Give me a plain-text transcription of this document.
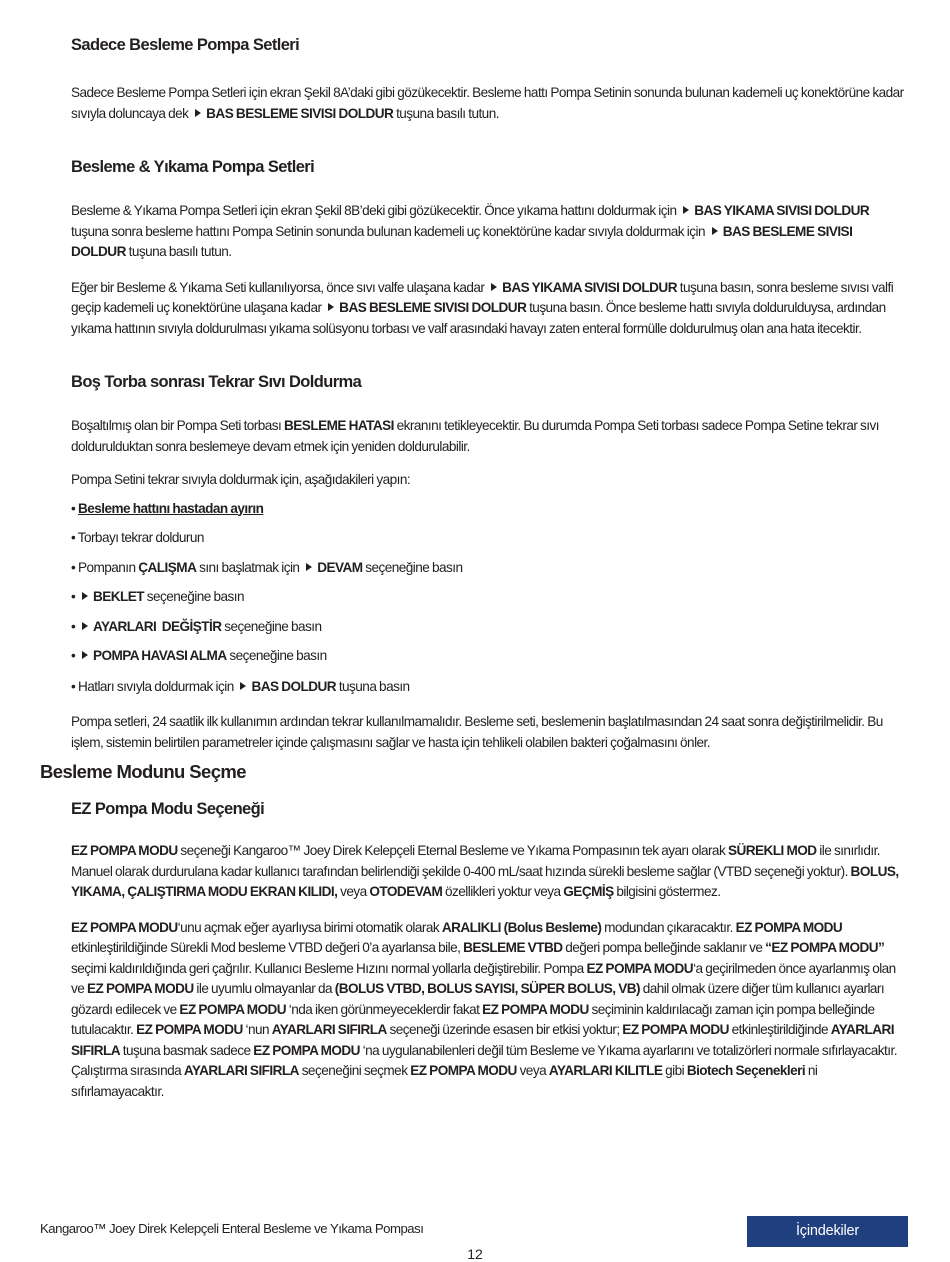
Sadece Besleme Pompa Setleri

Sadece Besleme Pompa Setleri için ekran Şekil 8A’daki gibi gözükecektir. Besleme hattı Pompa Setinin sonunda bulunan kademeli uç konektörüne kadar sıvıyla doluncaya dek BAS BESLEME SIVISI DOLDUR tuşuna basılı tutun.

Besleme & Yıkama Pompa Setleri

Besleme & Yıkama Pompa Setleri için ekran Şekil 8B’deki gibi gözükecektir. Önce yıkama hattını doldurmak için BAS YIKAMA SIVISI DOLDUR tuşuna sonra besleme hattını Pompa Setinin sonunda bulunan kademeli uç konektörüne kadar sıvıyla doldurmak için BAS BESLEME SIVISI DOLDUR tuşuna basılı tutun.

Eğer bir Besleme & Yıkama Seti kullanılıyorsa, önce sıvı valfe ulaşana kadar BAS YIKAMA SIVISI DOLDUR tuşuna basın, sonra besleme sıvısı valfi geçip kademeli uç konektörüne ulaşana kadar BAS BESLEME SIVISI DOLDUR tuşuna basın. Önce besleme hattı sıvıyla doldurulduysa, ardından yıkama hattının sıvıyla doldurulması yıkama solüsyonu torbası ve valf arasındaki havayı zaten enteral formülle doldurulmuş olan ana hata itecektir.

Boş Torba sonrası Tekrar Sıvı Doldurma

Boşaltılmış olan bir Pompa Seti torbası BESLEME HATASI ekranını tetikleyecektir. Bu durumda Pompa Seti torbası sadece Pompa Setine tekrar sıvı doldurulduktan sonra beslemeye devam etmek için yeniden doldurulabilir.

Pompa Setini tekrar sıvıyla doldurmak için, aşağıdakileri yapın:

• Besleme hattını hastadan ayırın
• Torbayı tekrar doldurun
• Pompanın ÇALIŞMA sını başlatmak için DEVAM seçeneğine basın
• BEKLET seçeneğine basın
• AYARLARI  DEĞİŞTİR seçeneğine basın
• POMPA HAVASI ALMA seçeneğine basın
• Hatları sıvıyla doldurmak için BAS DOLDUR tuşuna basın

Pompa setleri, 24 saatlik ilk kullanımın ardından tekrar kullanılmamalıdır. Besleme seti, beslemenin başlatılmasından 24 saat sonra değiştirilmelidir. Bu işlem, sistemin belirtilen parametreler içinde çalışmasını sağlar ve hasta için tehlikeli olabilen bakteri çoğalmasını önler.

Besleme Modunu Seçme
EZ Pompa Modu Seçeneği

EZ POMPA MODU seçeneği Kangaroo™ Joey Direk Kelepçeli Eternal Besleme ve Yıkama Pompasının tek ayarı olarak SÜREKLI MOD ile sınırlıdır. Manuel olarak durdurulana kadar kullanıcı tarafından belirlendiği şekilde 0-400 mL/saat hızında sürekli besleme sağlar (VTBD seçeneği yoktur). BOLUS, YIKAMA, ÇALIŞTIRMA MODU EKRAN KILIDI, veya OTODEVAM özellikleri yoktur veya GEÇMİŞ bilgisini göstermez.

EZ POMPA MODU‘unu açmak eğer ayarlıysa birimi otomatik olarak ARALIKLI (Bolus Besleme) modundan çıkaracaktır. EZ POMPA MODU etkinleştirildiğinde Sürekli Mod besleme VTBD değeri 0’a ayarlansa bile, BESLEME VTBD değeri pompa belleğinde saklanır ve “EZ POMPA MODU” seçimi kaldırıldığında geri çağrılır. Kullanıcı Besleme Hızını normal yollarla değiştirebilir. Pompa EZ POMPA MODU‘a geçirilmeden önce ayarlanmış olan ve EZ POMPA MODU ile uyumlu olmayanlar da (BOLUS VTBD, BOLUS SAYISI, SÜPER BOLUS, VB) dahil olmak üzere diğer tüm kullanıcı ayarları gözardı edilecek ve EZ POMPA MODU ‘nda iken görünmeyeceklerdir fakat EZ POMPA MODU seçiminin kaldırılacağı zaman için pompa belleğinde tutulacaktır. EZ POMPA MODU ‘nun AYARLARI SIFIRLA seçeneği üzerinde esasen bir etkisi yoktur; EZ POMPA MODU etkinleştirildiğinde AYARLARI SIFIRLA tuşuna basmak sadece EZ POMPA MODU ‘na uygulanabilenleri değil tüm Besleme ve Yıkama ayarlarını ve totalizörleri normale sıfırlayacaktır. Çalıştırma sırasında AYARLARI SIFIRLA seçeneğini seçmek EZ POMPA MODU veya AYARLARI KILITLE gibi Biotech Seçenekleri ni sıfırlamayacaktır.

Kangaroo™ Joey Direk Kelepçeli Enteral Besleme ve Yıkama Pompası	İçindekiler
12
